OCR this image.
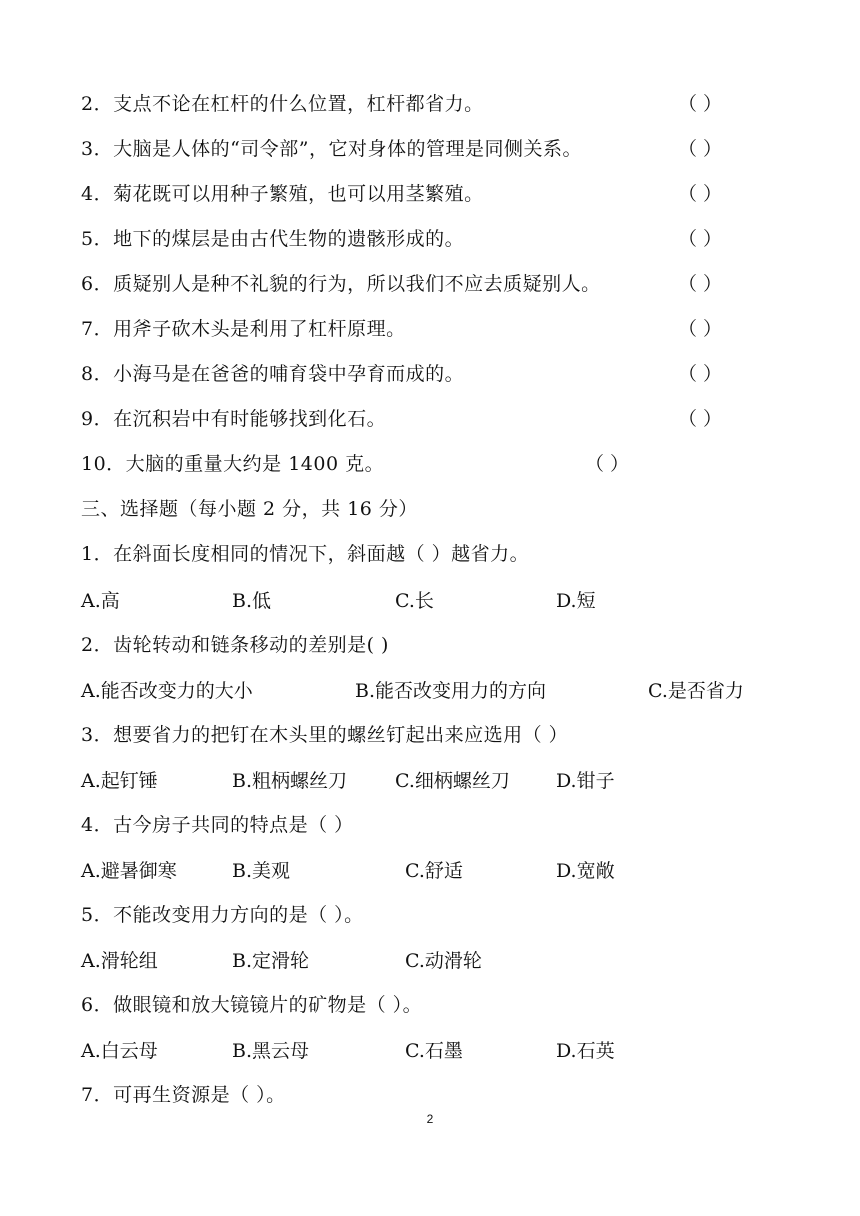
2．支点不论在杠杆的什么位置，杠杆都省力。	（ ）
3．大脑是人体的“司令部”，它对身体的管理是同侧关系。	（ ）
4．菊花既可以用种子繁殖，也可以用茎繁殖。	（ ）
5．地下的煤层是由古代生物的遗骸形成的。	（ ）
6．质疑别人是种不礼貌的行为，所以我们不应去质疑别人。	（ ）
7．用斧子砍木头是利用了杠杆原理。	（ ）
8．小海马是在爸爸的哺育袋中孕育而成的。	（ ）
9．在沉积岩中有时能够找到化石。	（ ）
10．大脑的重量大约是 1400 克。	（ ）
三、选择题（每小题 2 分，共 16 分）
1．在斜面长度相同的情况下，斜面越（ ）越省力。
A.高	B.低	C.长	D.短
2．齿轮转动和链条移动的差别是( )
A.能否改变力的大小	B.能否改变用力的方向	C.是否省力
3．想要省力的把钉在木头里的螺丝钉起出来应选用（ ）
A.起钉锤	B.粗柄螺丝刀	C.细柄螺丝刀 D.钳子
4．古今房子共同的特点是（ ）
A.避暑御寒	B.美观	C.舒适	D.宽敞
5．不能改变用力方向的是（ ）。
A.滑轮组	B.定滑轮	C.动滑轮
6．做眼镜和放大镜镜片的矿物是（ ）。
A.白云母	B.黑云母	C.石墨	D.石英
7．可再生资源是（ ）。
2
